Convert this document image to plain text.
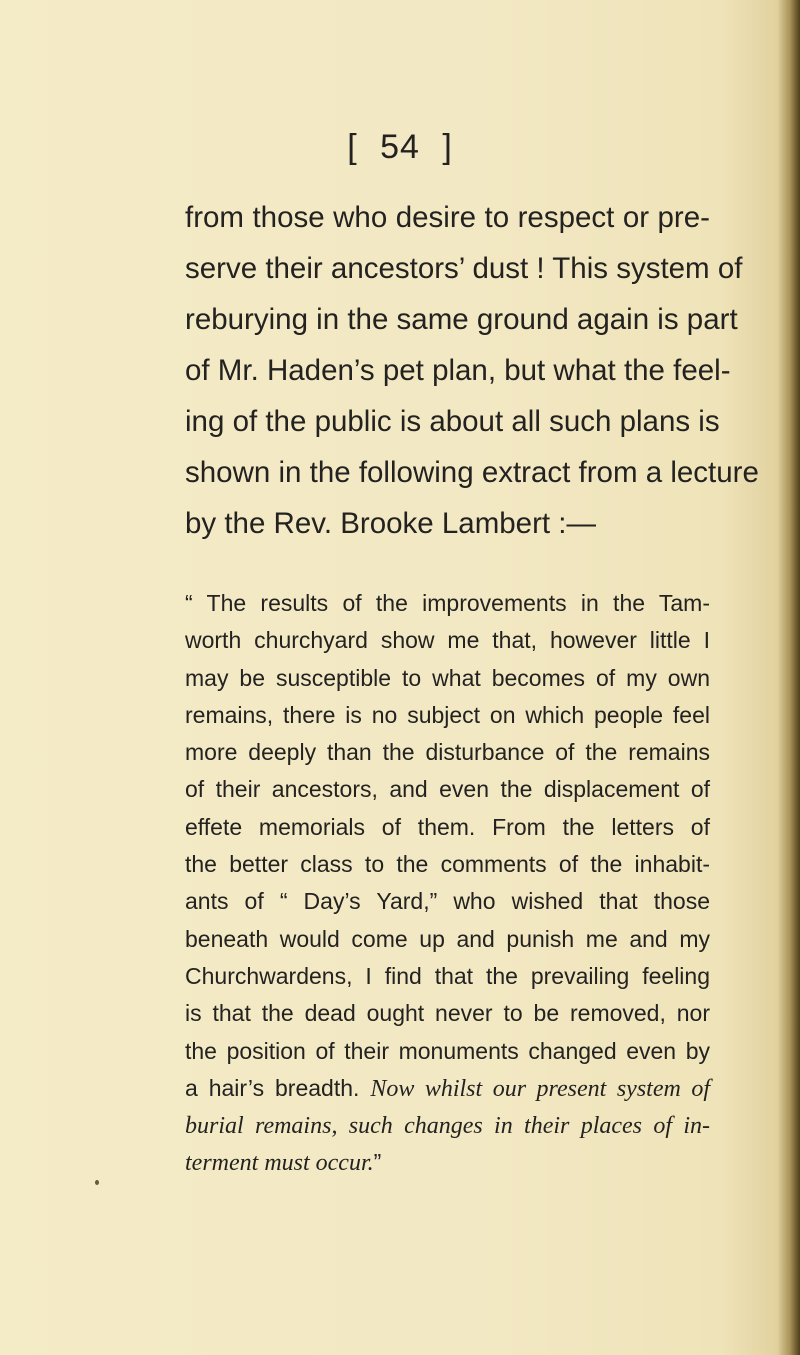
[ 54 ]
from those who desire to respect or pre-
serve their ancestors’ dust ! This system of
reburying in the same ground again is part
of Mr. Haden’s pet plan, but what the feel-
ing of the public is about all such plans is
shown in the following extract from a lecture
by the Rev. Brooke Lambert :—
“ The results of the improvements in the Tam-
worth churchyard show me that, however little I
may be susceptible to what becomes of my own
remains, there is no subject on which people feel
more deeply than the disturbance of the remains
of their ancestors, and even the displacement of
effete memorials of them. From the letters of
the better class to the comments of the inhabit-
ants of “ Day’s Yard,” who wished that those
beneath would come up and punish me and my
Churchwardens, I find that the prevailing feeling
is that the dead ought never to be removed, nor
the position of their monuments changed even by
a hair’s breadth. Now whilst our present system of
burial remains, such changes in their places of in-
terment must occur.”
